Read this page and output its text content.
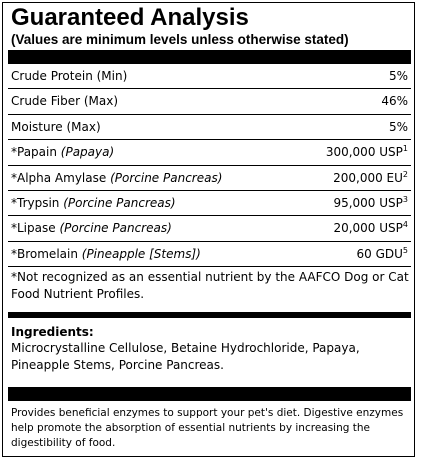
Guaranteed Analysis
(Values are minimum levels unless otherwise stated)
Crude Protein (Min)	5%
Crude Fiber (Max)	46%
Moisture (Max)	5%
*Papain (Papaya)	300,000 USP$^1$
*Alpha Amylase (Porcine Pancreas)	200,000 $EU^2$
*Trypsin (Porcine Pancreas)	95,000 USP$^3$
*Lipase (Porcine Pancreas)	20,000 USP$^4$
*Bromelain (Pineapple [Stems])	60 GDU$^5$
*Not recognized as an essential nutrient by the AAFCO Dog or Cat Food Nutrient Profiles.
Ingredients:
Microcrystalline Cellulose, Betaine Hydrochloride, Papaya, Pineapple Stems, Porcine Pancreas.
Provides beneficial enzymes to support your pet's diet. Digestive enzymes help promote the absorption of essential nutrients by increasing the digestibility of food.
